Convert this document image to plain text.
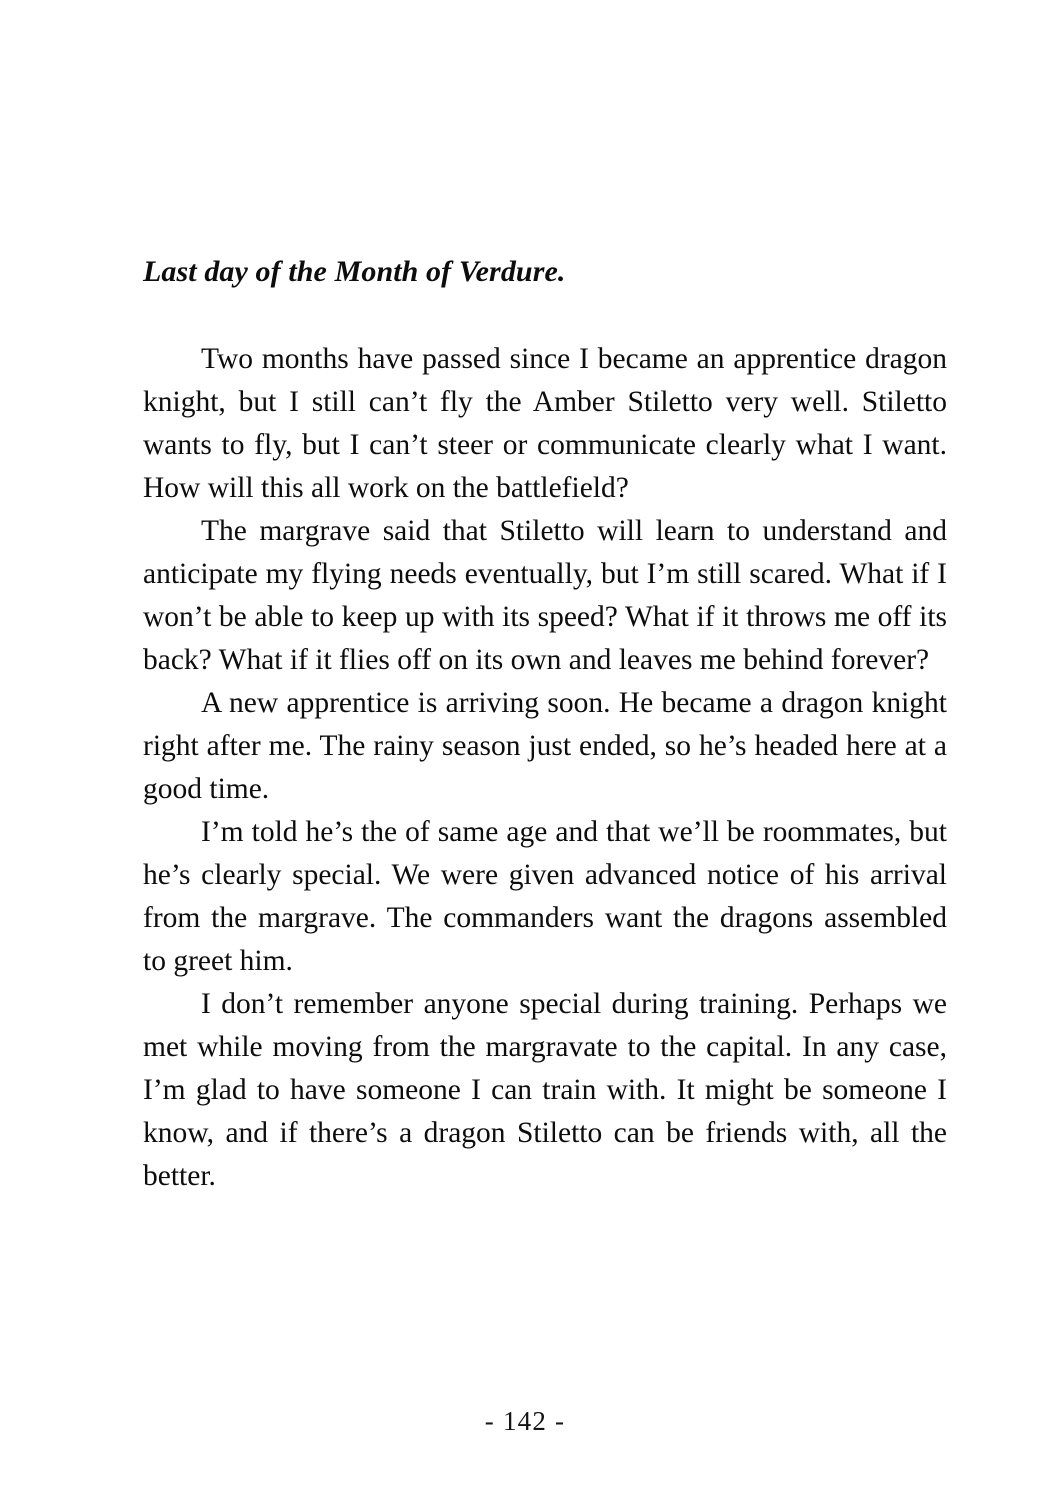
Last day of the Month of Verdure.

Two months have passed since I became an apprentice dragon knight, but I still can’t fly the Amber Stiletto very well. Stiletto wants to fly, but I can’t steer or communicate clearly what I want. How will this all work on the battlefield?

The margrave said that Stiletto will learn to understand and anticipate my flying needs eventually, but I’m still scared. What if I won’t be able to keep up with its speed? What if it throws me off its back? What if it flies off on its own and leaves me behind forever?

A new apprentice is arriving soon. He became a dragon knight right after me. The rainy season just ended, so he’s headed here at a good time.

I’m told he’s the of same age and that we’ll be roommates, but he’s clearly special. We were given advanced notice of his arrival from the margrave. The commanders want the dragons assembled to greet him.

I don’t remember anyone special during training. Perhaps we met while moving from the margravate to the capital. In any case, I’m glad to have someone I can train with. It might be someone I know, and if there’s a dragon Stiletto can be friends with, all the better.

- 142 -
